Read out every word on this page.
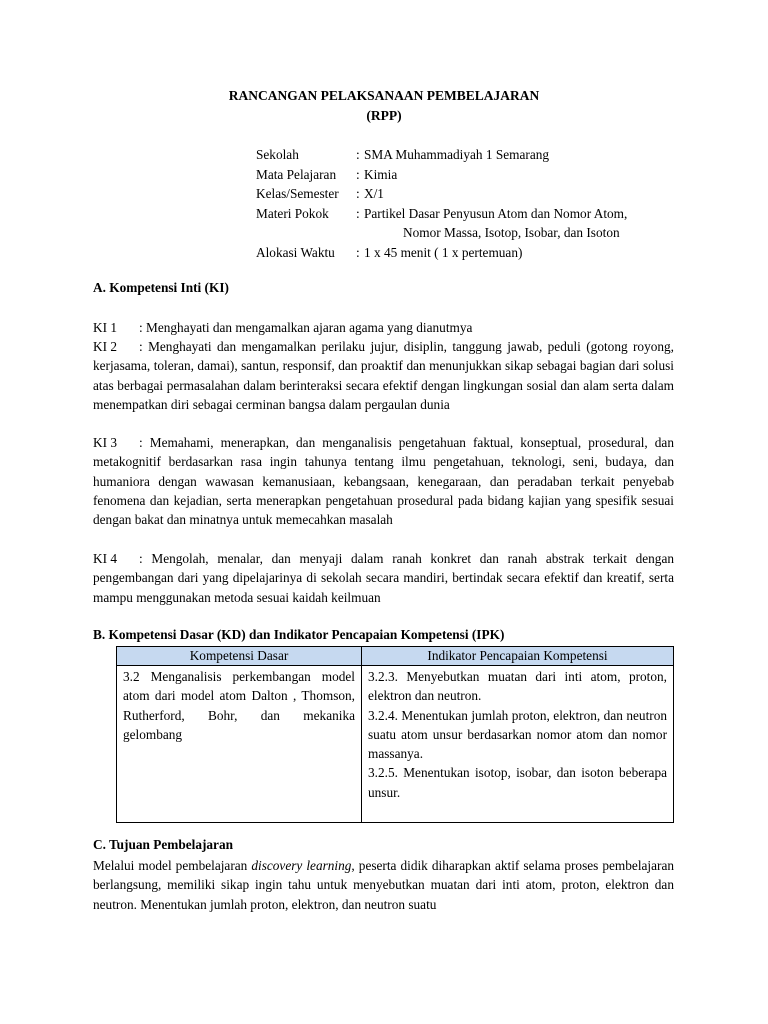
RANCANGAN PELAKSANAAN PEMBELAJARAN
(RPP)
Sekolah	: SMA Muhammadiyah 1 Semarang
Mata Pelajaran	: Kimia
Kelas/Semester	: X/1
Materi Pokok	: Partikel Dasar Penyusun Atom dan Nomor Atom,
Nomor Massa, Isotop, Isobar, dan Isoton
Alokasi Waktu	: 1 x 45 menit ( 1 x pertemuan)
A. Kompetensi Inti (KI)
KI 1 : Menghayati dan mengamalkan ajaran agama yang dianutmya
KI 2 : Menghayati dan mengamalkan perilaku jujur, disiplin, tanggung jawab, peduli (gotong royong, kerjasama, toleran, damai), santun, responsif, dan proaktif dan menunjukkan sikap sebagai bagian dari solusi atas berbagai permasalahan dalam berinteraksi secara efektif dengan lingkungan sosial dan alam serta dalam menempatkan diri sebagai cerminan bangsa dalam pergaulan dunia
KI 3 : Memahami, menerapkan, dan menganalisis pengetahuan faktual, konseptual, prosedural, dan metakognitif berdasarkan rasa ingin tahunya tentang ilmu pengetahuan, teknologi, seni, budaya, dan humaniora dengan wawasan kemanusiaan, kebangsaan, kenegaraan, dan peradaban terkait penyebab fenomena dan kejadian, serta menerapkan pengetahuan prosedural pada bidang kajian yang spesifik sesuai dengan bakat dan minatnya untuk memecahkan masalah
KI 4 : Mengolah, menalar, dan menyaji dalam ranah konkret dan ranah abstrak terkait dengan pengembangan dari yang dipelajarinya di sekolah secara mandiri, bertindak secara efektif dan kreatif, serta mampu menggunakan metoda sesuai kaidah keilmuan
B. Kompetensi Dasar (KD) dan Indikator Pencapaian Kompetensi (IPK)
Kompetensi Dasar	Indikator Pencapaian Kompetensi
3.2 Menganalisis perkembangan model atom dari model atom Dalton , Thomson, Rutherford, Bohr, dan mekanika gelombang	3.2.3. Menyebutkan muatan dari inti atom, proton, elektron dan neutron.
3.2.4. Menentukan jumlah proton, elektron, dan neutron suatu atom unsur berdasarkan nomor atom dan nomor massanya.
3.2.5. Menentukan isotop, isobar, dan isoton beberapa unsur.
C. Tujuan Pembelajaran
Melalui model pembelajaran discovery learning, peserta didik diharapkan aktif selama proses pembelajaran berlangsung, memiliki sikap ingin tahu untuk menyebutkan muatan dari inti atom, proton, elektron dan neutron. Menentukan jumlah proton, elektron, dan neutron suatu
